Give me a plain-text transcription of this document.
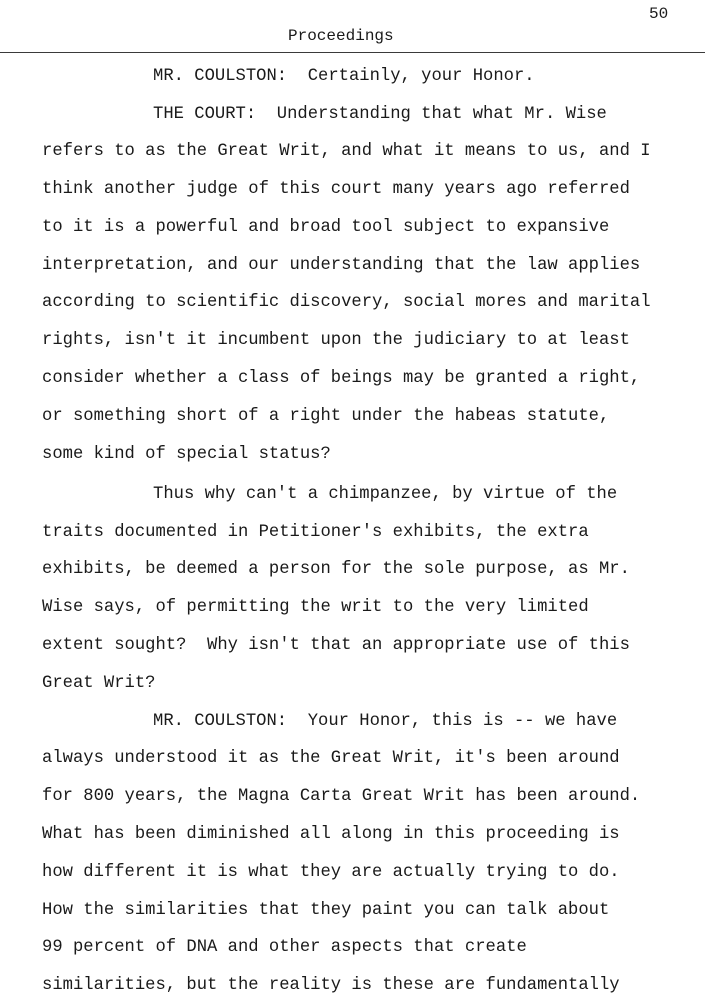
50
Proceedings
MR. COULSTON:  Certainly, your Honor.
THE COURT:  Understanding that what Mr. Wise
refers to as the Great Writ, and what it means to us, and I
think another judge of this court many years ago referred
to it is a powerful and broad tool subject to expansive
interpretation, and our understanding that the law applies
according to scientific discovery, social mores and marital
rights, isn't it incumbent upon the judiciary to at least
consider whether a class of beings may be granted a right,
or something short of a right under the habeas statute,
some kind of special status?
Thus why can't a chimpanzee, by virtue of the
traits documented in Petitioner's exhibits, the extra
exhibits, be deemed a person for the sole purpose, as Mr.
Wise says, of permitting the writ to the very limited
extent sought?  Why isn't that an appropriate use of this
Great Writ?
MR. COULSTON:  Your Honor, this is -- we have
always understood it as the Great Writ, it's been around
for 800 years, the Magna Carta Great Writ has been around.
What has been diminished all along in this proceeding is
how different it is what they are actually trying to do.
How the similarities that they paint you can talk about
99 percent of DNA and other aspects that create
similarities, but the reality is these are fundamentally
